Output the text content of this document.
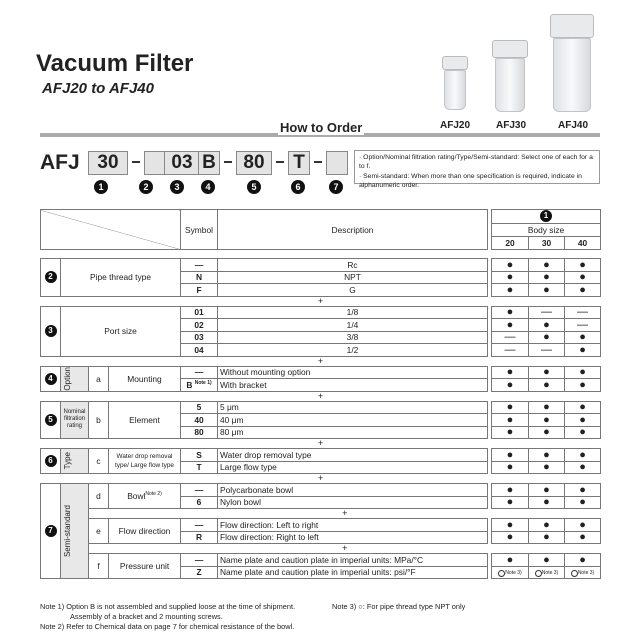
Vacuum Filter
AFJ20 to AFJ40
AFJ20	AFJ30	AFJ40
How to Order
AFJ 30	03 B	80	T
1	2	3	4	5	6	7
· Option/Nominal filtration rating/Type/Semi-standard: Select one of each for a to f.
· Semi-standard: When more than one specification is required, indicate in alphanumeric order.
				Symbol	Description		1		
							Body size		
							20	30	40

2	Pipe thread type			—	Rc		●	●	●
				N	NPT		●	●	●
				F	G		●	●	●
+									
3	Port size			01	1/8		●	—	—
				02	1/4		●	●	—
				03	3/8		—	●	●
				04	1/2		—	—	●
+									
4	Option	a	Mounting	—	Without mounting option		●	●	●
				B $^{Note 1)}$	With bracket		●	●	●
+									
5	Nominal filtration rating	b	Element	5	5 μm		●	●	●
				40	40 μm		●	●	●
				80	80 μm		●	●	●
+									
6	Type	c	Water drop removal type/ Large flow type	S	Water drop removal type		●	●	●
				T	Large flow type		●	●	●
+									
7	Semi-standard	d	Bowl$^{Note 2)}$	—	Polycarbonate bowl		●	●	●
				6	Nylon bowl		●	●	●
		+							
		e	Flow direction	—	Flow direction: Left to right		●	●	●
				R	Flow direction: Right to left		●	●	●
		+							
		f	Pressure unit	—	Name plate and caution plate in imperial units: MPa/°C		●	●	●
				Z	Name plate and caution plate in imperial units: psi/°F		Note 3)	Note 3)	Note 3)
Note 1) Option B is not assembled and supplied loose at the time of shipment.
Assembly of a bracket and 2 mounting screws.
Note 2) Refer to Chemical data on page 7 for chemical resistance of the bowl.
Note 3) ○: For pipe thread type NPT only
